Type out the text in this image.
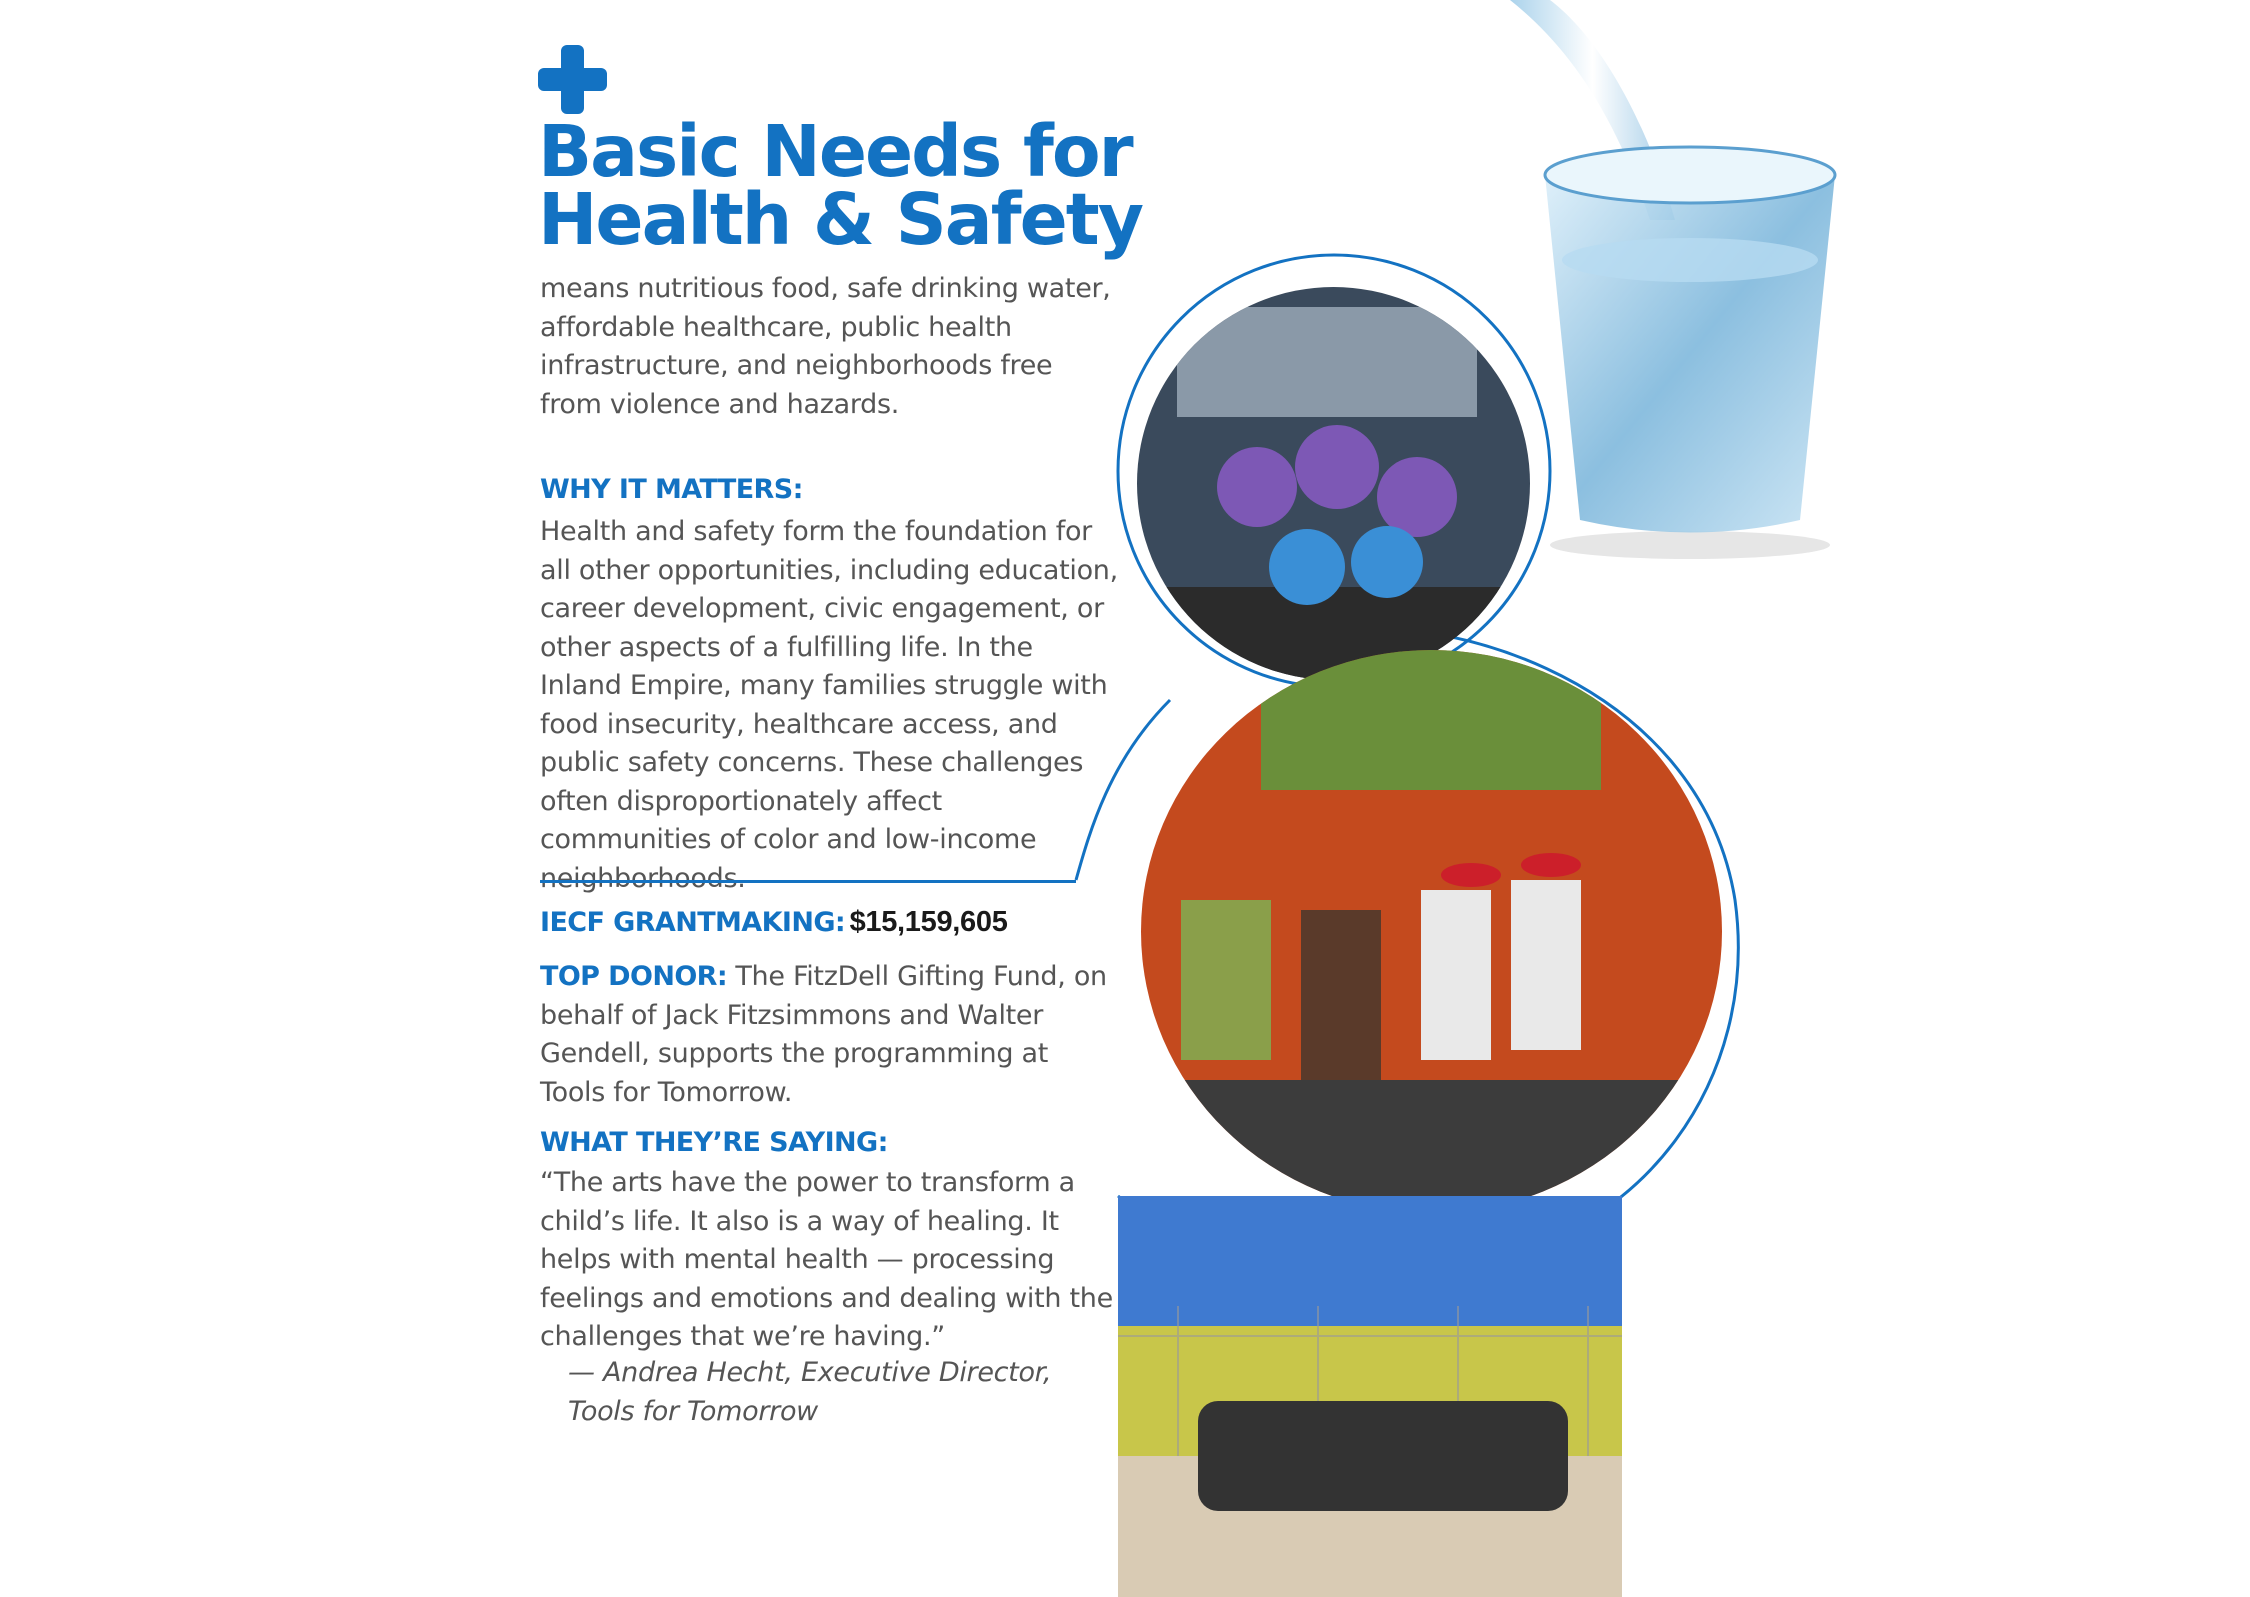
Basic Needs for
Health & Safety
means nutritious food, safe drinking water, affordable healthcare, public health infrastructure, and neighborhoods free from violence and hazards.
WHY IT MATTERS:
Health and safety form the foundation for all other opportunities, including education, career development, civic engagement, or other aspects of a fulfilling life. In the Inland Empire, many families struggle with food insecurity, healthcare access, and public safety concerns. These challenges often disproportionately affect communities of color and low-income neighborhoods.
IECF GRANTMAKING: $15,159,605
TOP DONOR: The FitzDell Gifting Fund, on behalf of Jack Fitzsimmons and Walter Gendell, supports the programming at Tools for Tomorrow.
WHAT THEY’RE SAYING:
“The arts have the power to transform a child’s life. It also is a way of healing. It helps with mental health — processing feelings and emotions and dealing with the challenges that we’re having.”
— Andrea Hecht, Executive Director,
Tools for Tomorrow
